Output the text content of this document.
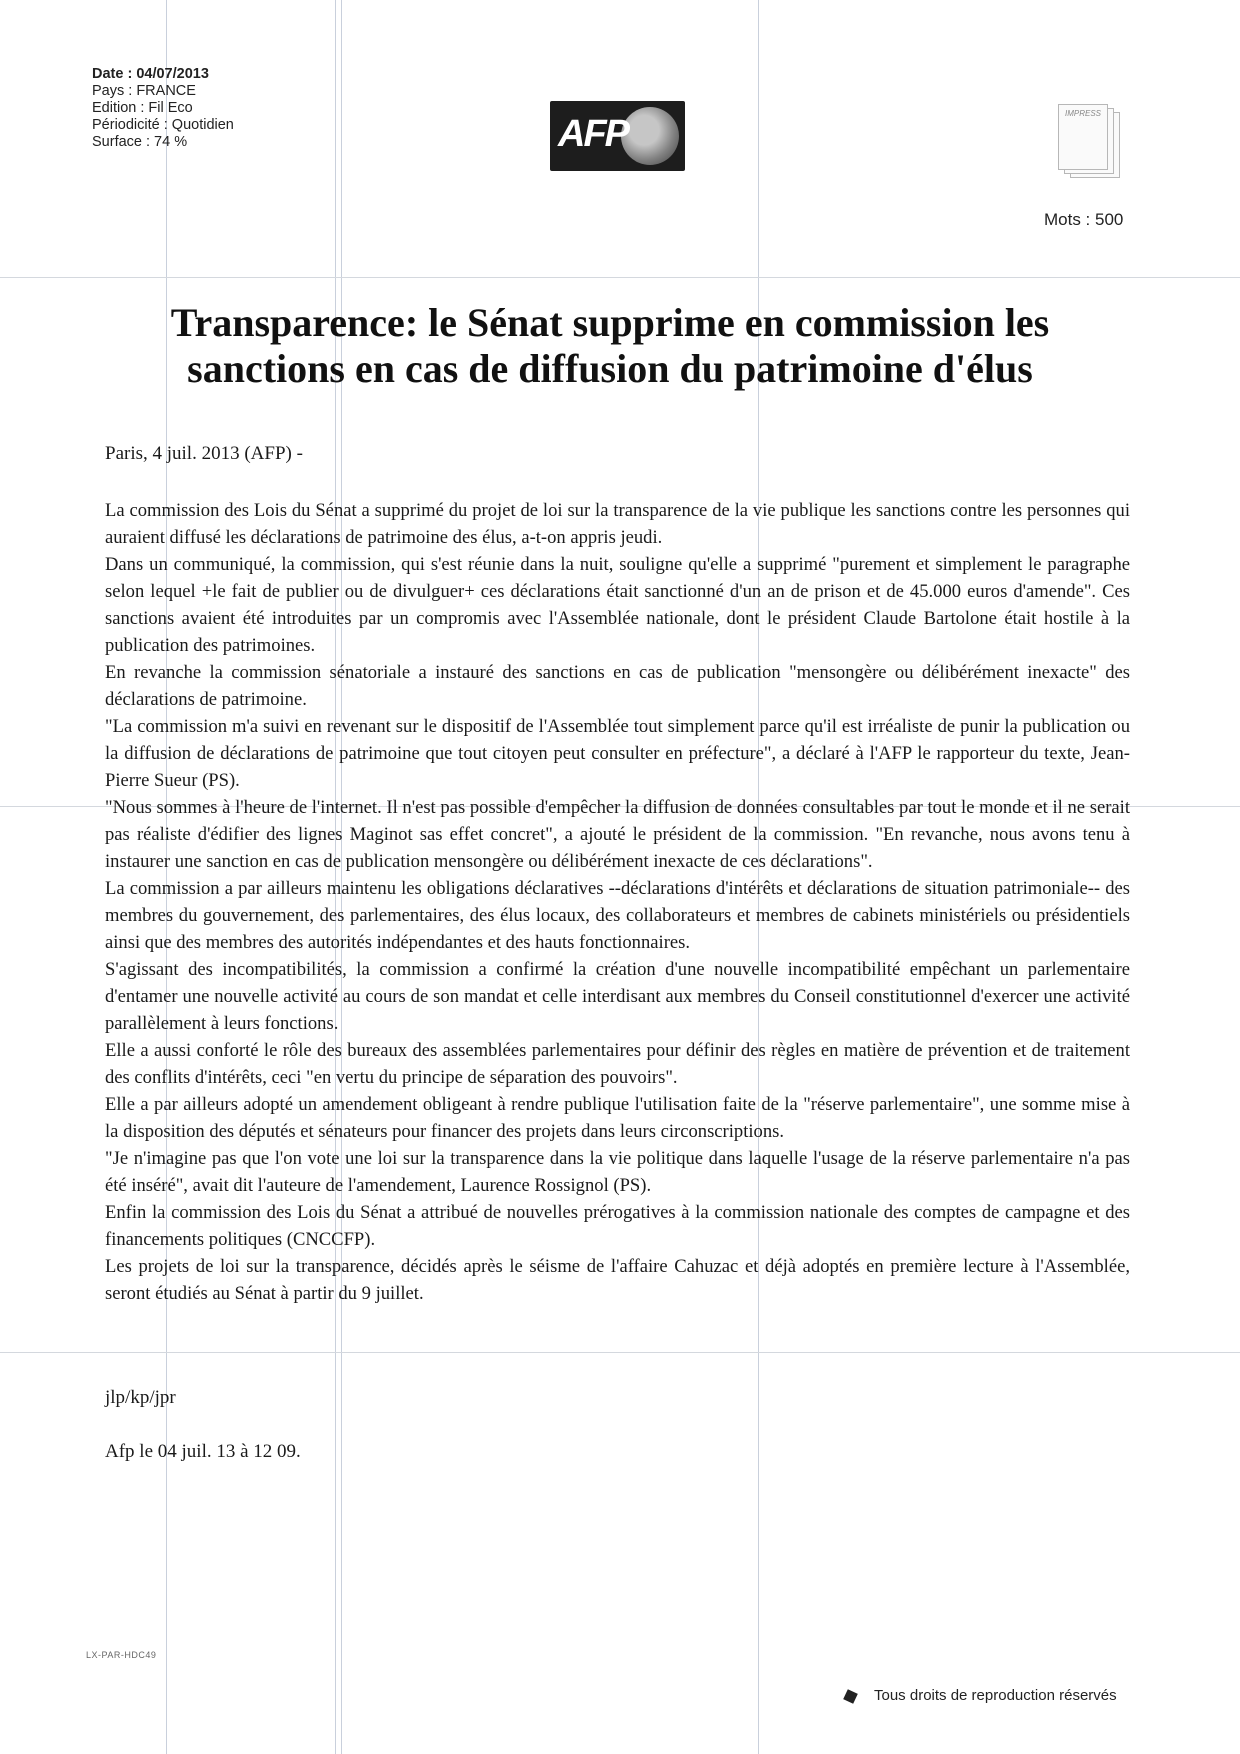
Date : 04/07/2013
Pays : FRANCE
Edition : Fil Eco
Périodicité : Quotidien
Surface : 74 %	AFP	IMPRESS
Mots : 500
Transparence: le Sénat supprime en commission les sanctions en cas de diffusion du patrimoine d'élus
Paris, 4 juil. 2013 (AFP) -

La commission des Lois du Sénat a supprimé du projet de loi sur la transparence de la vie publique les sanctions contre les personnes qui auraient diffusé les déclarations de patrimoine des élus, a-t-on appris jeudi.

Dans un communiqué, la commission, qui s'est réunie dans la nuit, souligne qu'elle a supprimé "purement et simplement le paragraphe selon lequel +le fait de publier ou de divulguer+ ces déclarations était sanctionné d'un an de prison et de 45.000 euros d'amende". Ces sanctions avaient été introduites par un compromis avec l'Assemblée nationale, dont le président Claude Bartolone était hostile à la publication des patrimoines.

En revanche la commission sénatoriale a instauré des sanctions en cas de publication "mensongère ou délibérément inexacte" des déclarations de patrimoine.

"La commission m'a suivi en revenant sur le dispositif de l'Assemblée tout simplement parce qu'il est irréaliste de punir la publication ou la diffusion de déclarations de patrimoine que tout citoyen peut consulter en préfecture", a déclaré à l'AFP le rapporteur du texte, Jean-Pierre Sueur (PS).

"Nous sommes à l'heure de l'internet. Il n'est pas possible d'empêcher la diffusion de données consultables par tout le monde et il ne serait pas réaliste d'édifier des lignes Maginot sas effet concret", a ajouté le président de la commission. "En revanche, nous avons tenu à instaurer une sanction en cas de publication mensongère ou délibérément inexacte de ces déclarations".

La commission a par ailleurs maintenu les obligations déclaratives --déclarations d'intérêts et déclarations de situation patrimoniale-- des membres du gouvernement, des parlementaires, des élus locaux, des collaborateurs et membres de cabinets ministériels ou présidentiels ainsi que des membres des autorités indépendantes et des hauts fonctionnaires.

S'agissant des incompatibilités, la commission a confirmé la création d'une nouvelle incompatibilité empêchant un parlementaire d'entamer une nouvelle activité au cours de son mandat et celle interdisant aux membres du Conseil constitutionnel d'exercer une activité parallèlement à leurs fonctions.

Elle a aussi conforté le rôle des bureaux des assemblées parlementaires pour définir des règles en matière de prévention et de traitement des conflits d'intérêts, ceci "en vertu du principe de séparation des pouvoirs".

Elle a par ailleurs adopté un amendement obligeant à rendre publique l'utilisation faite de la "réserve parlementaire", une somme mise à la disposition des députés et sénateurs pour financer des projets dans leurs circonscriptions.

"Je n'imagine pas que l'on vote une loi sur la transparence dans la vie politique dans laquelle l'usage de la réserve parlementaire n'a pas été inséré", avait dit l'auteure de l'amendement, Laurence Rossignol (PS).

Enfin la commission des Lois du Sénat a attribué de nouvelles prérogatives à la commission nationale des comptes de campagne et des financements politiques (CNCCFP).

Les projets de loi sur la transparence, décidés après le séisme de l'affaire Cahuzac et déjà adoptés en première lecture à l'Assemblée, seront étudiés au Sénat à partir du 9 juillet.

jlp/kp/jpr
Afp le 04 juil. 13 à 12 09.
LX-PAR-HDC49
Tous droits de reproduction réservés
